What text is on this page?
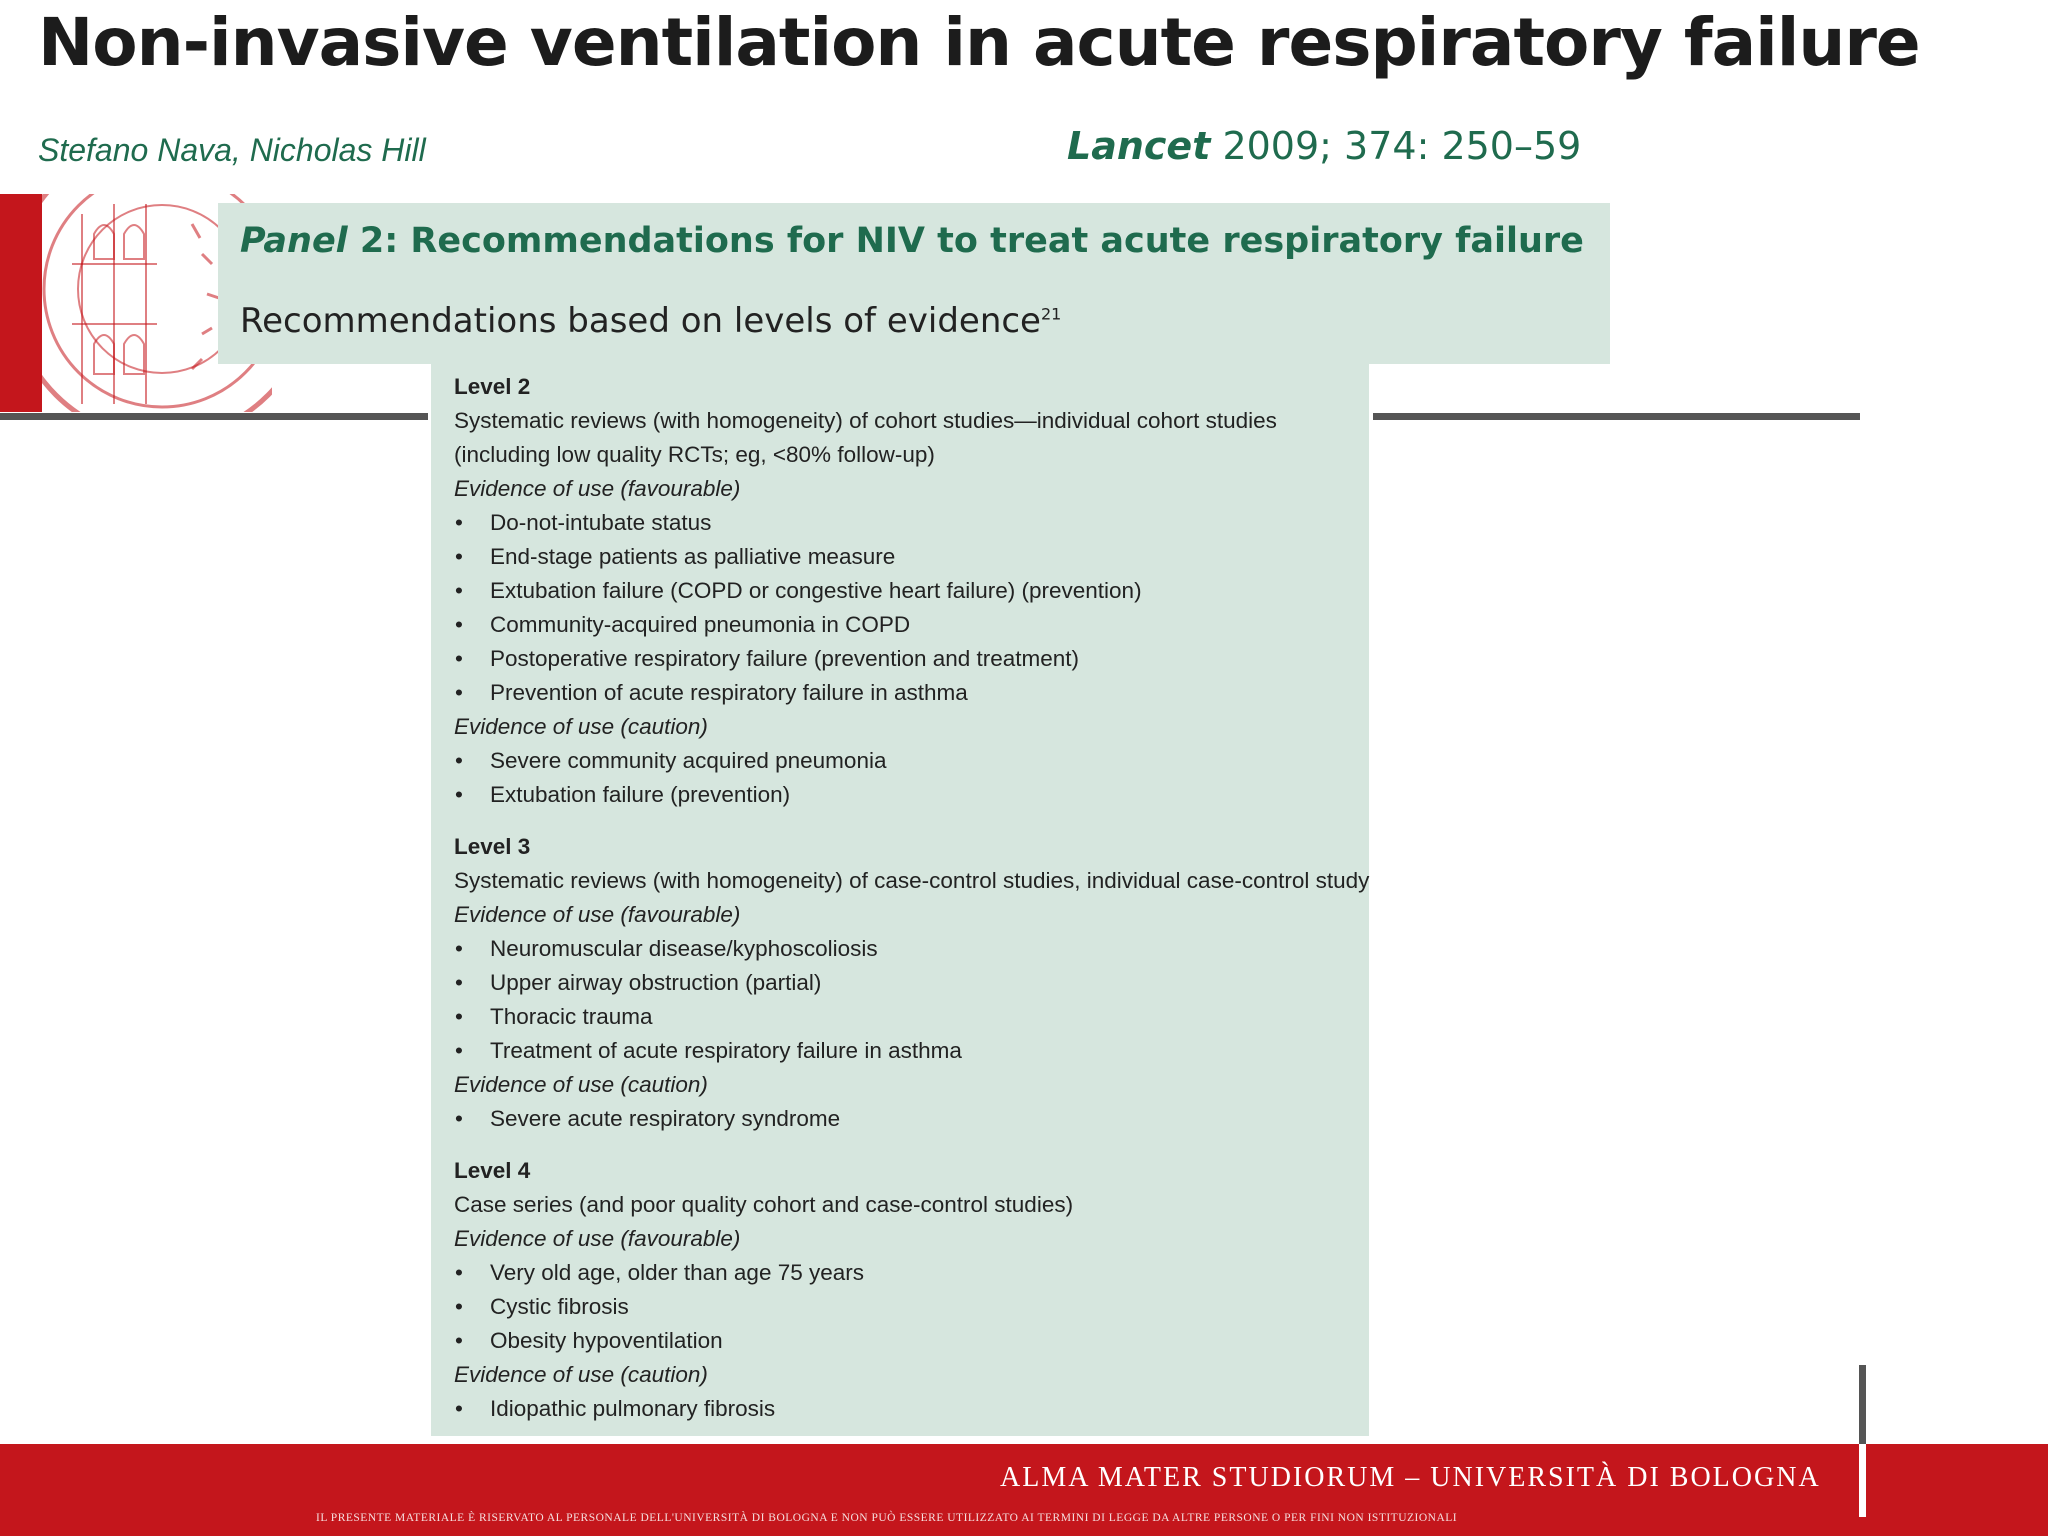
Non-invasive ventilation in acute respiratory failure
Stefano Nava, Nicholas Hill	Lancet 2009; 374: 250–59
Panel 2: Recommendations for NIV to treat acute respiratory failure
Recommendations based on levels of evidence$^{21}$
Level 2
Systematic reviews (with homogeneity) of cohort studies—individual cohort studies
(including low quality RCTs; eg, <80% follow-up)
Evidence of use (favourable)
• Do-not-intubate status
• End-stage patients as palliative measure
• Extubation failure (COPD or congestive heart failure) (prevention)
• Community-acquired pneumonia in COPD
• Postoperative respiratory failure (prevention and treatment)
• Prevention of acute respiratory failure in asthma
Evidence of use (caution)
• Severe community acquired pneumonia
• Extubation failure (prevention)
Level 3
Systematic reviews (with homogeneity) of case-control studies, individual case-control study
Evidence of use (favourable)
• Neuromuscular disease/kyphoscoliosis
• Upper airway obstruction (partial)
• Thoracic trauma
• Treatment of acute respiratory failure in asthma
Evidence of use (caution)
• Severe acute respiratory syndrome
Level 4
Case series (and poor quality cohort and case-control studies)
Evidence of use (favourable)
• Very old age, older than age 75 years
• Cystic fibrosis
• Obesity hypoventilation
Evidence of use (caution)
• Idiopathic pulmonary fibrosis
ALMA MATER STUDIORUM – UNIVERSITÀ DI BOLOGNA
IL PRESENTE MATERIALE È RISERVATO AL PERSONALE DELL'UNIVERSITÀ DI BOLOGNA E NON PUÒ ESSERE UTILIZZATO AI TERMINI DI LEGGE DA ALTRE PERSONE O PER FINI NON ISTITUZIONALI
